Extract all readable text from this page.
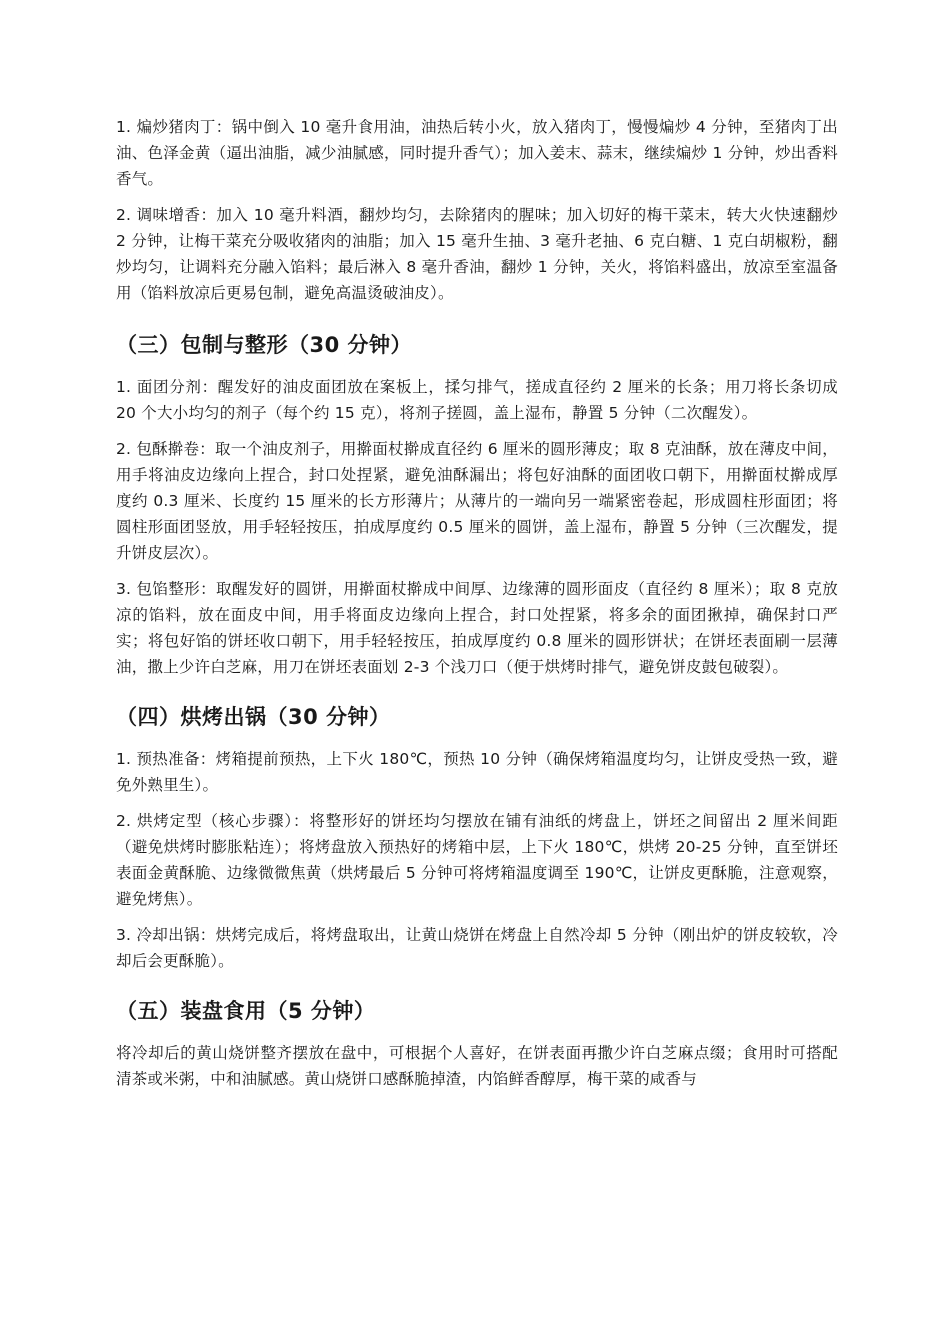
1. 煸炒猪肉丁：锅中倒入 10 毫升食用油，油热后转小火，放入猪肉丁，慢慢煸炒 4 分钟，至猪肉丁出油、色泽金黄（逼出油脂，减少油腻感，同时提升香气）；加入姜末、蒜末，继续煸炒 1 分钟，炒出香料香气。

2. 调味增香：加入 10 毫升料酒，翻炒均匀，去除猪肉的腥味；加入切好的梅干菜末，转大火快速翻炒 2 分钟，让梅干菜充分吸收猪肉的油脂；加入 15 毫升生抽、3 毫升老抽、6 克白糖、1 克白胡椒粉，翻炒均匀，让调料充分融入馅料；最后淋入 8 毫升香油，翻炒 1 分钟，关火，将馅料盛出，放凉至室温备用（馅料放凉后更易包制，避免高温烫破油皮）。

（三）包制与整形（30 分钟）

1. 面团分剂：醒发好的油皮面团放在案板上，揉匀排气，搓成直径约 2 厘米的长条；用刀将长条切成 20 个大小均匀的剂子（每个约 15 克），将剂子搓圆，盖上湿布，静置 5 分钟（二次醒发）。

2. 包酥擀卷：取一个油皮剂子，用擀面杖擀成直径约 6 厘米的圆形薄皮；取 8 克油酥，放在薄皮中间，用手将油皮边缘向上捏合，封口处捏紧，避免油酥漏出；将包好油酥的面团收口朝下，用擀面杖擀成厚度约 0.3 厘米、长度约 15 厘米的长方形薄片；从薄片的一端向另一端紧密卷起，形成圆柱形面团；将圆柱形面团竖放，用手轻轻按压，拍成厚度约 0.5 厘米的圆饼，盖上湿布，静置 5 分钟（三次醒发，提升饼皮层次）。

3. 包馅整形：取醒发好的圆饼，用擀面杖擀成中间厚、边缘薄的圆形面皮（直径约 8 厘米）；取 8 克放凉的馅料，放在面皮中间，用手将面皮边缘向上捏合，封口处捏紧，将多余的面团揪掉，确保封口严实；将包好馅的饼坯收口朝下，用手轻轻按压，拍成厚度约 0.8 厘米的圆形饼状；在饼坯表面刷一层薄油，撒上少许白芝麻，用刀在饼坯表面划 2-3 个浅刀口（便于烘烤时排气，避免饼皮鼓包破裂）。

（四）烘烤出锅（30 分钟）

1. 预热准备：烤箱提前预热，上下火 180℃，预热 10 分钟（确保烤箱温度均匀，让饼皮受热一致，避免外熟里生）。

2. 烘烤定型（核心步骤）：将整形好的饼坯均匀摆放在铺有油纸的烤盘上，饼坯之间留出 2 厘米间距（避免烘烤时膨胀粘连）；将烤盘放入预热好的烤箱中层，上下火 180℃，烘烤 20-25 分钟，直至饼坯表面金黄酥脆、边缘微微焦黄（烘烤最后 5 分钟可将烤箱温度调至 190℃，让饼皮更酥脆，注意观察，避免烤焦）。

3. 冷却出锅：烘烤完成后，将烤盘取出，让黄山烧饼在烤盘上自然冷却 5 分钟（刚出炉的饼皮较软，冷却后会更酥脆）。

（五）装盘食用（5 分钟）

将冷却后的黄山烧饼整齐摆放在盘中，可根据个人喜好，在饼表面再撒少许白芝麻点缀；食用时可搭配清茶或米粥，中和油腻感。黄山烧饼口感酥脆掉渣，内馅鲜香醇厚，梅干菜的咸香与
